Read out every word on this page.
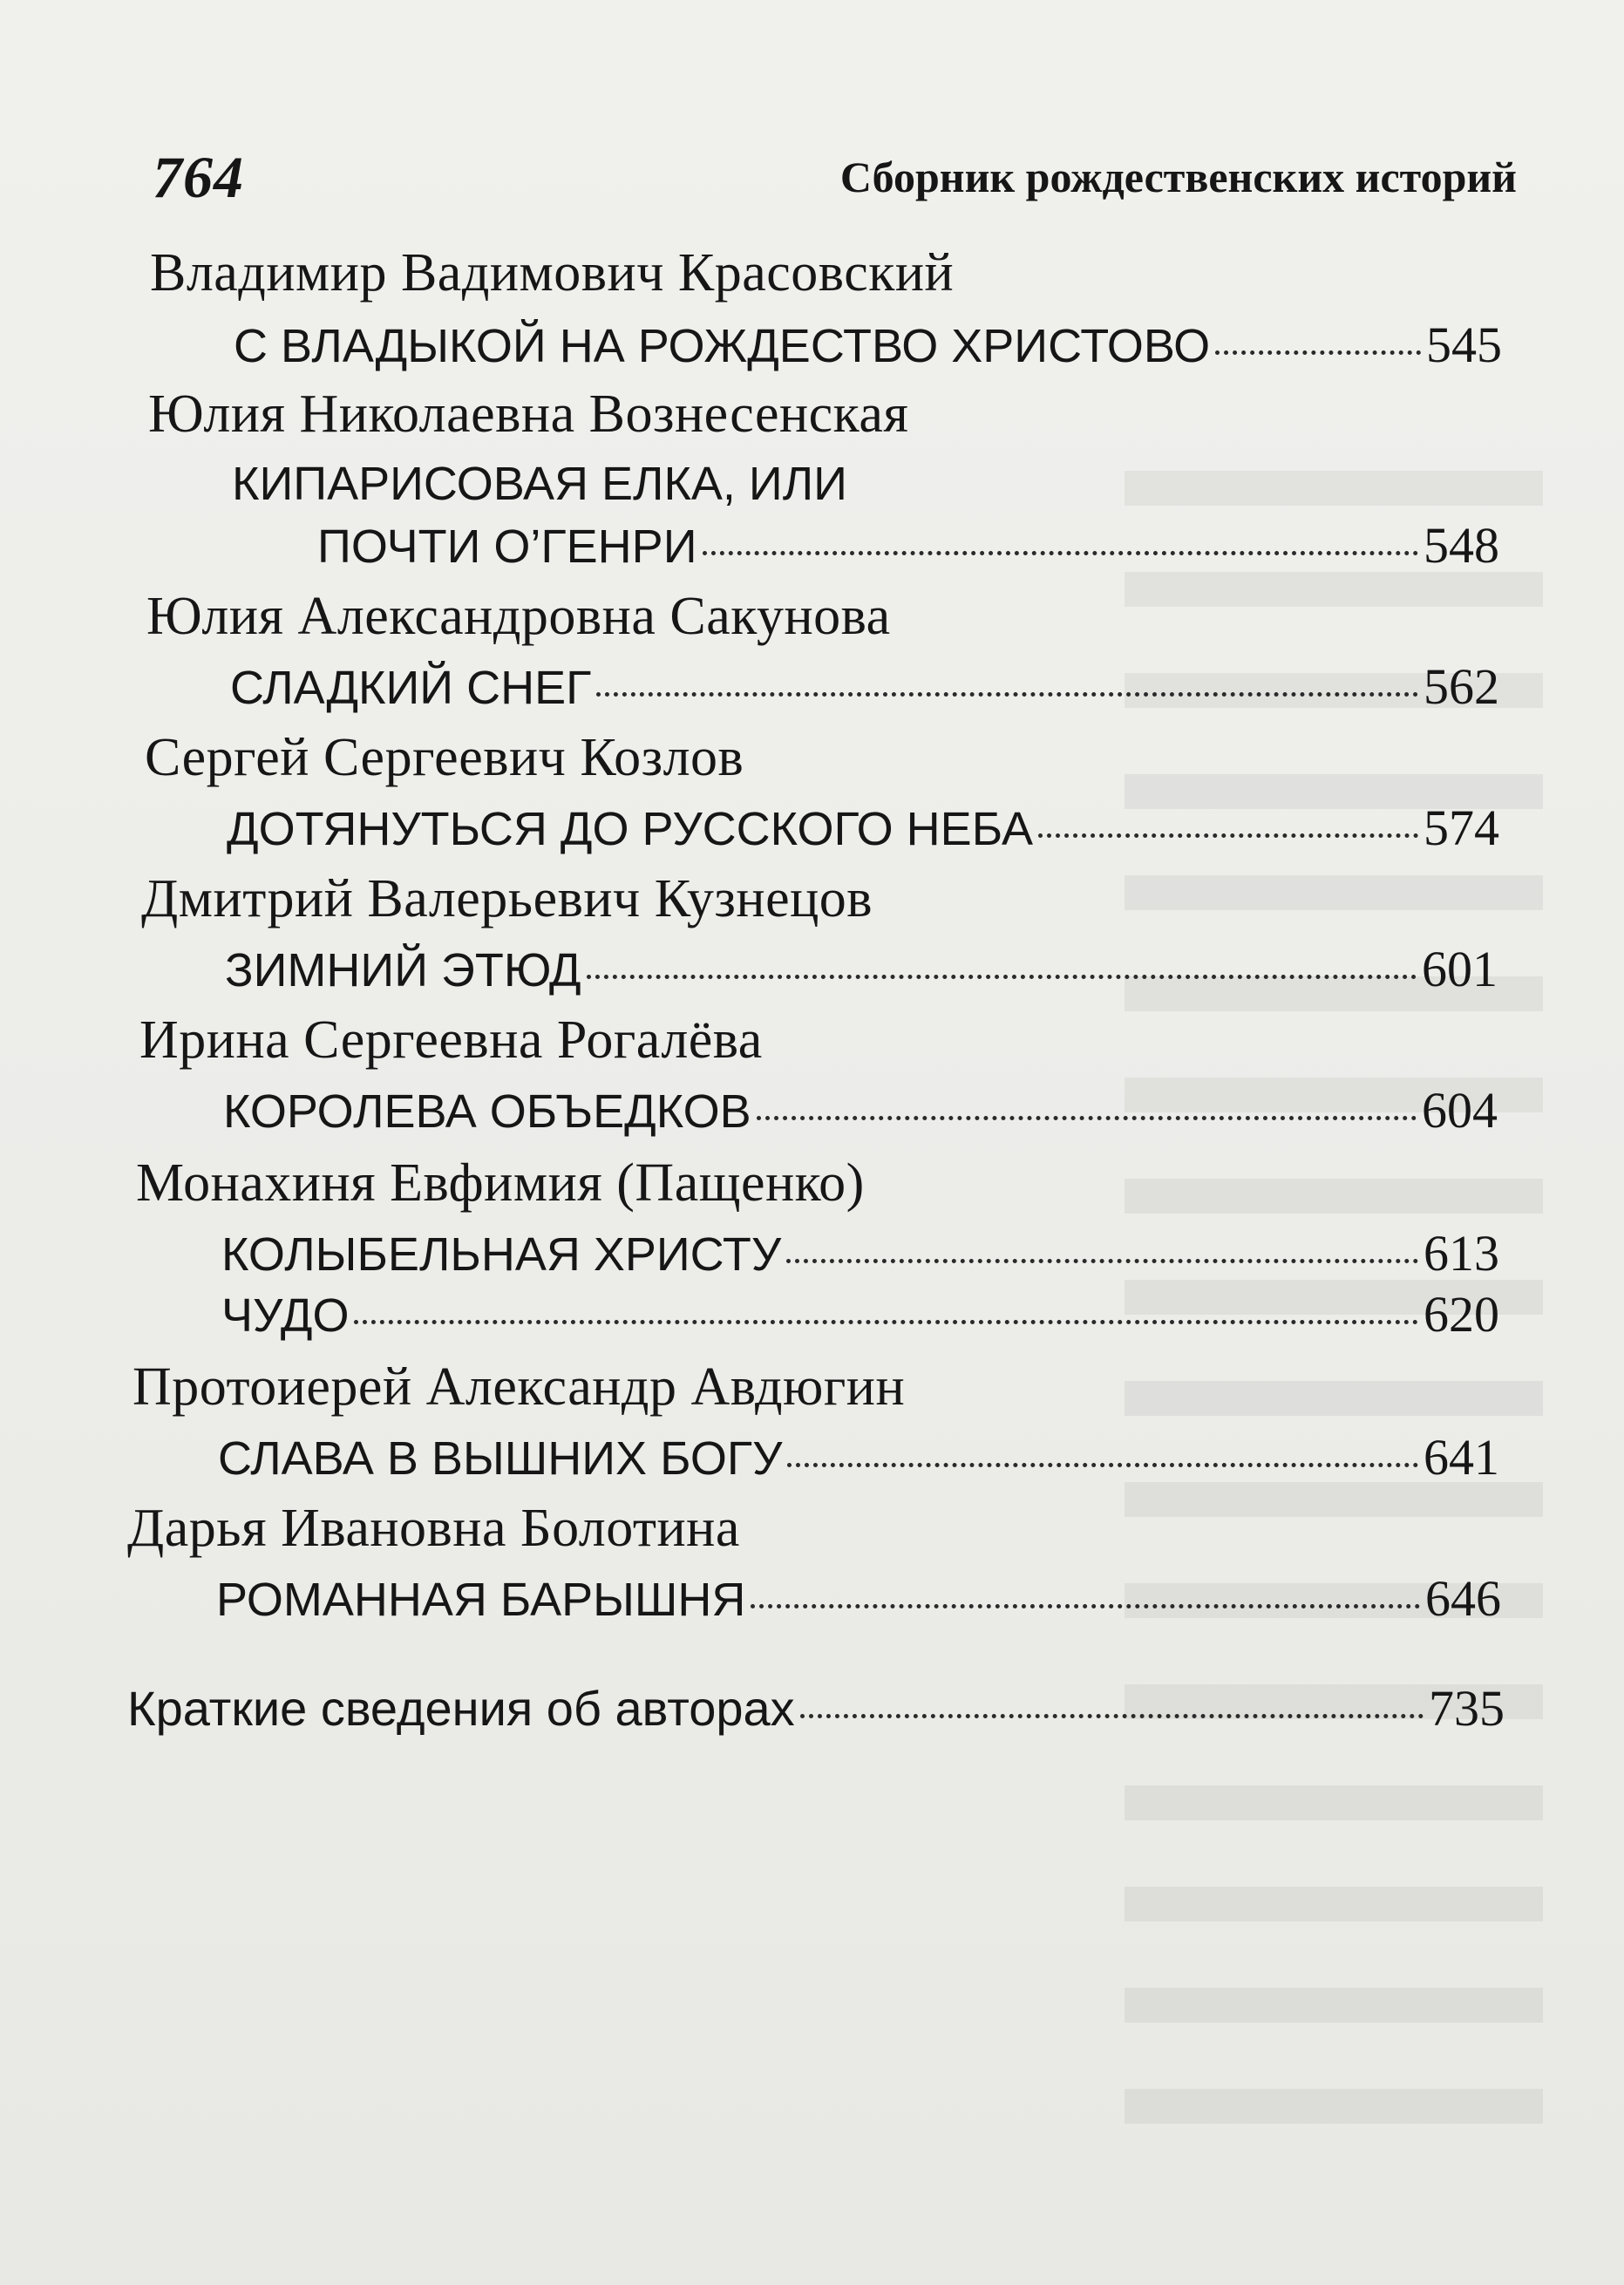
764	Сборник рождественских историй
Владимир Вадимович Красовский
С ВЛАДЫКОЙ НА РОЖДЕСТВО ХРИСТОВО	545
Юлия Николаевна Вознесенская
КИПАРИСОВАЯ ЕЛКА, ИЛИ
ПОЧТИ О’ГЕНРИ	548
Юлия Александровна Сакунова
СЛАДКИЙ СНЕГ	562
Сергей Сергеевич Козлов
ДОТЯНУТЬСЯ ДО РУССКОГО НЕБА	574
Дмитрий Валерьевич Кузнецов
ЗИМНИЙ ЭТЮД	601
Ирина Сергеевна Рогалёва
КОРОЛЕВА ОБЪЕДКОВ	604
Монахиня Евфимия (Пащенко)
КОЛЫБЕЛЬНАЯ ХРИСТУ	613
ЧУДО	620
Протоиерей Александр Авдюгин
СЛАВА В ВЫШНИХ БОГУ	641
Дарья Ивановна Болотина
РОМАННАЯ БАРЫШНЯ	646
Краткие сведения об авторах	735
